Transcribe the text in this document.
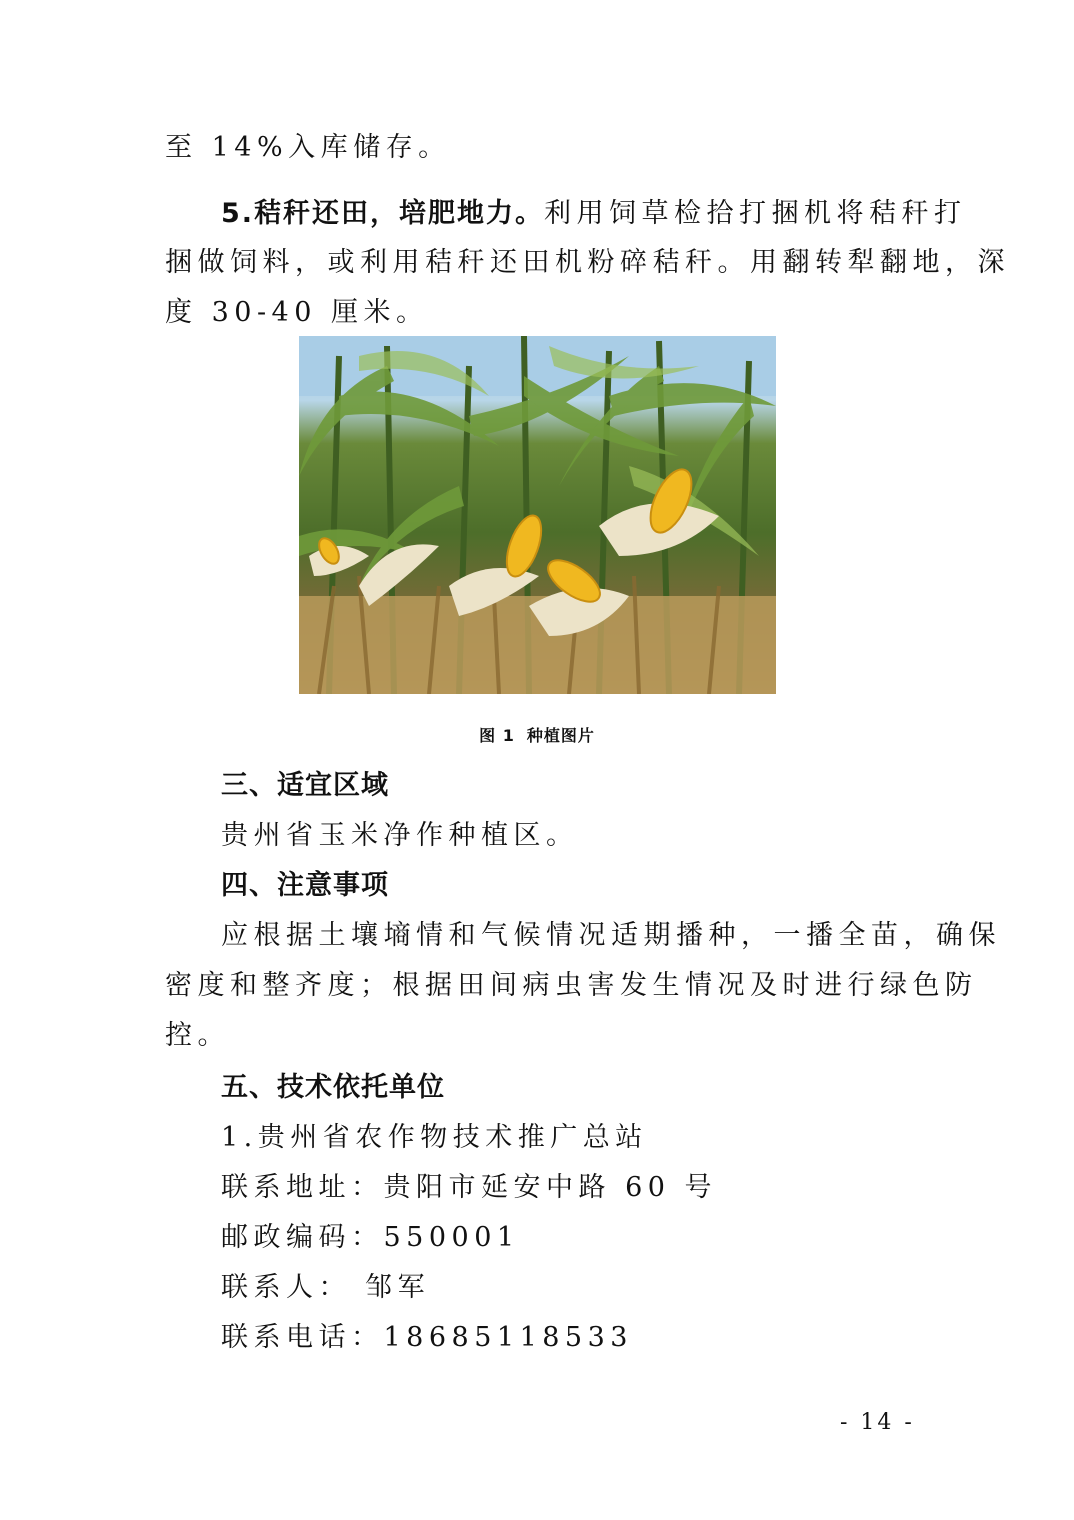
至 14%入库储存。
5.秸秆还田，培肥地力。利用饲草检拾打捆机将秸秆打
捆做饲料，或利用秸秆还田机粉碎秸秆。用翻转犁翻地，深
度 30-40 厘米。
图 1 种植图片
三、适宜区域
贵州省玉米净作种植区。
四、注意事项
应根据土壤墒情和气候情况适期播种，一播全苗，确保
密度和整齐度；根据田间病虫害发生情况及时进行绿色防
控。
五、技术依托单位
1.贵州省农作物技术推广总站
联系地址：贵阳市延安中路 60 号
邮政编码：550001
联系人： 邹军
联系电话：18685118533
- 14 -
